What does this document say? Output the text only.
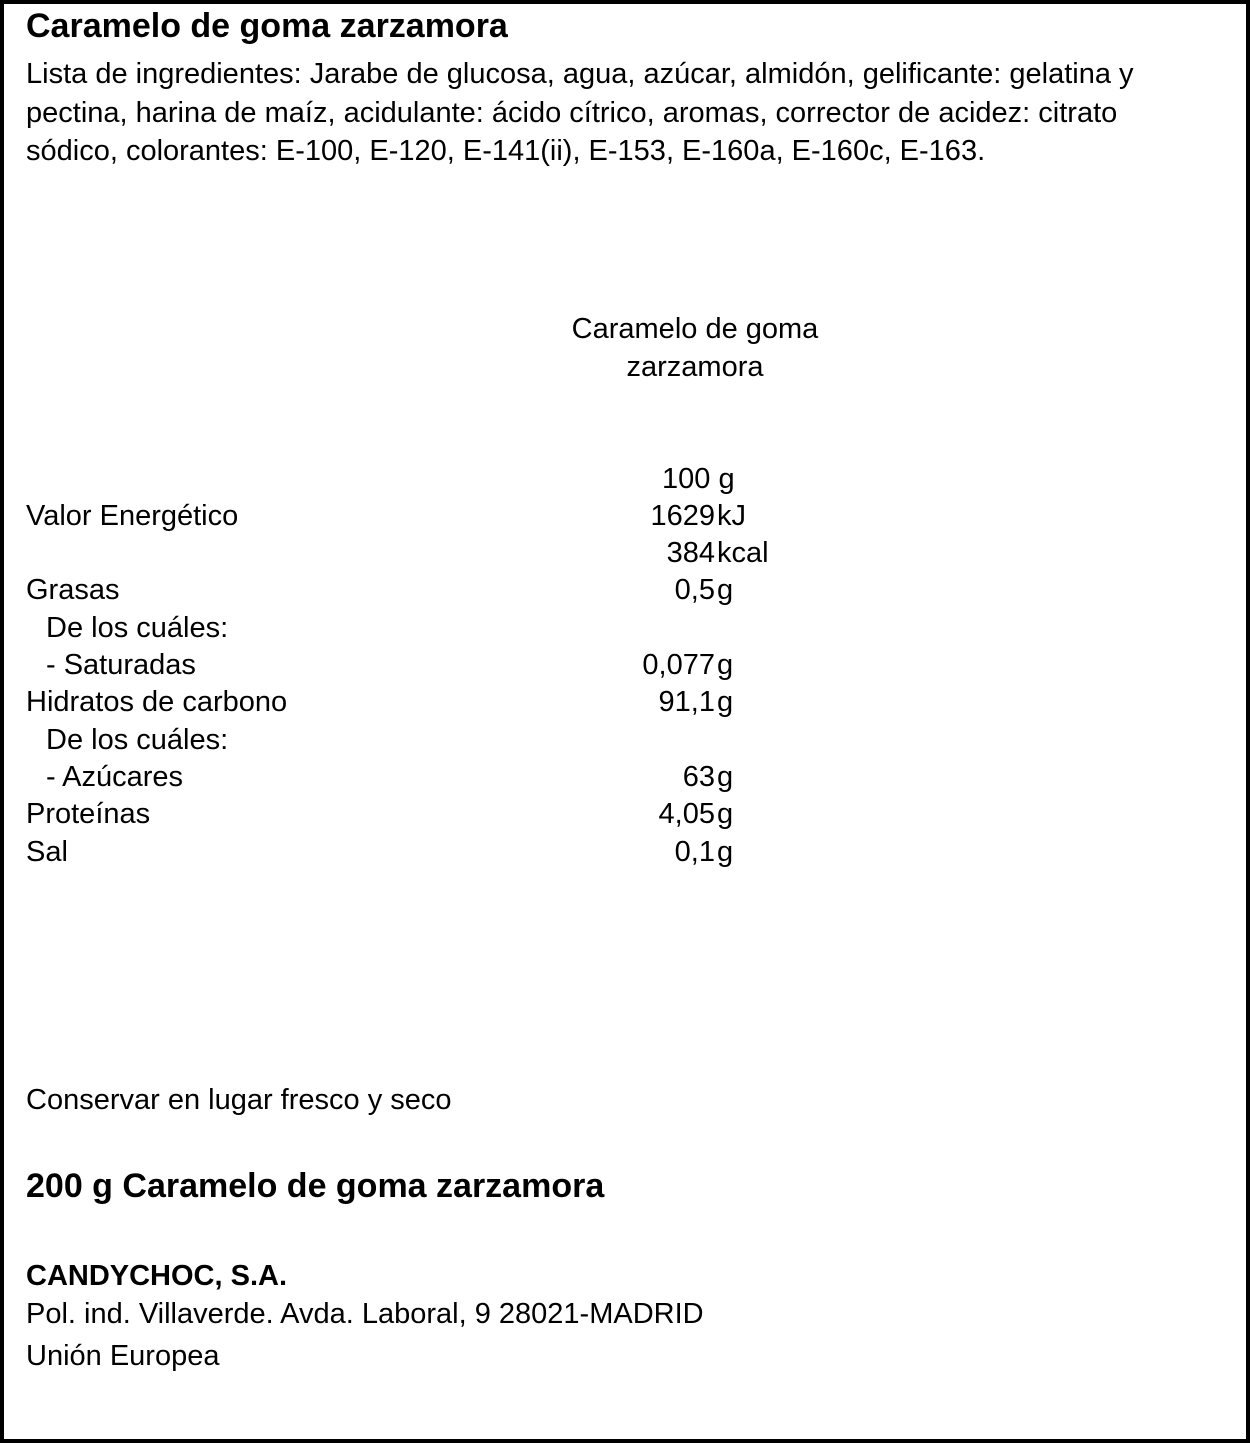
Caramelo de goma zarzamora
Lista de ingredientes: Jarabe de glucosa, agua, azúcar, almidón, gelificante: gelatina y pectina, harina de maíz, acidulante: ácido cítrico, aromas, corrector de acidez: citrato sódico, colorantes: E-100, E-120, E-141(ii), E-153, E-160a, E-160c, E-163.
Caramelo de goma zarzamora
100 g
Valor Energético	1629 kJ
384 kcal
Grasas	0,5 g
De los cuáles:
- Saturadas	0,077 g
Hidratos de carbono	91,1 g
De los cuáles:
- Azúcares	63 g
Proteínas	4,05 g
Sal	0,1 g
Conservar en lugar fresco y seco
200 g Caramelo de goma zarzamora
CANDYCHOC, S.A.
Pol. ind. Villaverde. Avda. Laboral, 9 28021-MADRID
Unión Europea
